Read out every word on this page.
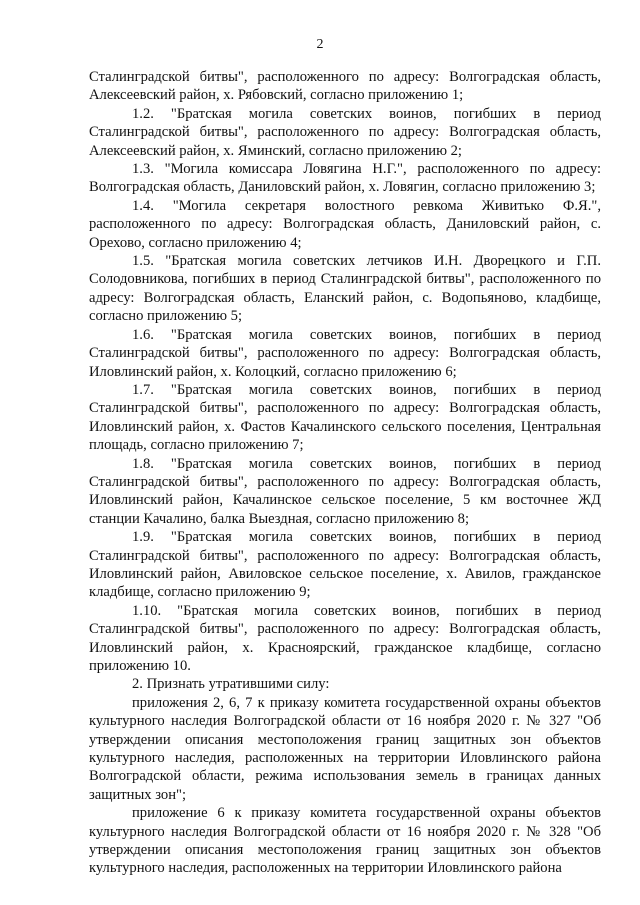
2

Сталинградской битвы", расположенного по адресу: Волгоградская область, Алексеевский район, х. Рябовский, согласно приложению 1;

1.2. "Братская могила советских воинов, погибших в период Сталинградской битвы", расположенного по адресу: Волгоградская область, Алексеевский район, х. Яминский, согласно приложению 2;

1.3. "Могила комиссара Ловягина Н.Г.", расположенного по адресу: Волгоградская область, Даниловский район, х. Ловягин, согласно приложению 3;

1.4. "Могила секретаря волостного ревкома Живитько Ф.Я.", расположенного по адресу: Волгоградская область, Даниловский район, с. Орехово, согласно приложению 4;

1.5. "Братская могила советских летчиков И.Н. Дворецкого и Г.П. Солодовникова, погибших в период Сталинградской битвы", расположенного по адресу: Волгоградская область, Еланский район, с. Водопьяново, кладбище, согласно приложению 5;

1.6. "Братская могила советских воинов, погибших в период Сталинградской битвы", расположенного по адресу: Волгоградская область, Иловлинский район, х. Колоцкий, согласно приложению 6;

1.7. "Братская могила советских воинов, погибших в период Сталинградской битвы", расположенного по адресу: Волгоградская область, Иловлинский район, х. Фастов Качалинского сельского поселения, Центральная площадь, согласно приложению 7;

1.8. "Братская могила советских воинов, погибших в период Сталинградской битвы", расположенного по адресу: Волгоградская область, Иловлинский район, Качалинское сельское поселение, 5 км восточнее ЖД станции Качалино, балка Выездная, согласно приложению 8;

1.9. "Братская могила советских воинов, погибших в период Сталинградской битвы", расположенного по адресу: Волгоградская область, Иловлинский район, Авиловское сельское поселение, х. Авилов, гражданское кладбище, согласно приложению 9;

1.10. "Братская могила советских воинов, погибших в период Сталинградской битвы", расположенного по адресу: Волгоградская область, Иловлинский район, х. Красноярский, гражданское кладбище, согласно приложению 10.

2. Признать утратившими силу:

приложения 2, 6, 7 к приказу комитета государственной охраны объектов культурного наследия Волгоградской области от 16 ноября 2020 г. № 327 "Об утверждении описания местоположения границ защитных зон объектов культурного наследия, расположенных на территории Иловлинского района Волгоградской области, режима использования земель в границах данных защитных зон";

приложение 6 к приказу комитета государственной охраны объектов культурного наследия Волгоградской области от 16 ноября 2020 г. № 328 "Об утверждении описания местоположения границ защитных зон объектов культурного наследия, расположенных на территории Иловлинского района
